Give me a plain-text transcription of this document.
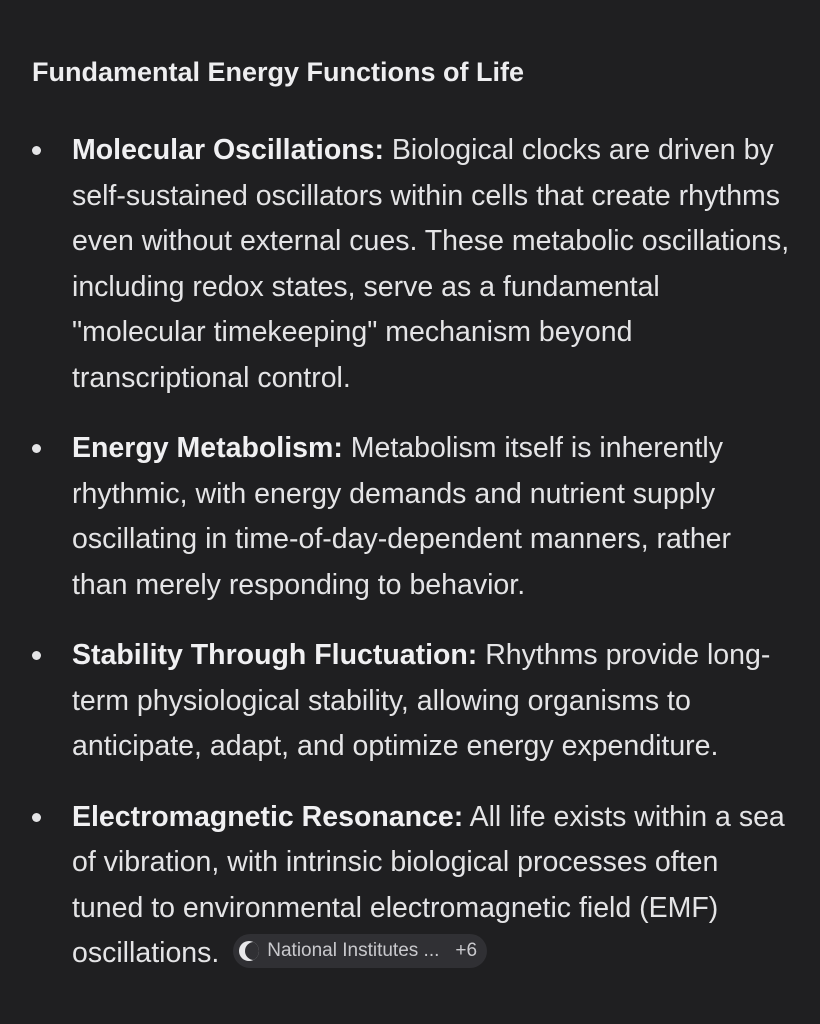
Fundamental Energy Functions of Life
Molecular Oscillations: Biological clocks are driven by self-sustained oscillators within cells that create rhythms even without external cues. These metabolic oscillations, including redox states, serve as a fundamental "molecular timekeeping" mechanism beyond transcriptional control.
Energy Metabolism: Metabolism itself is inherently rhythmic, with energy demands and nutrient supply oscillating in time-of-day-dependent manners, rather than merely responding to behavior.
Stability Through Fluctuation: Rhythms provide long-term physiological stability, allowing organisms to anticipate, adapt, and optimize energy expenditure.
Electromagnetic Resonance: All life exists within a sea of vibration, with intrinsic biological processes often tuned to environmental electromagnetic field (EMF) oscillations.	National Institutes ... +6
